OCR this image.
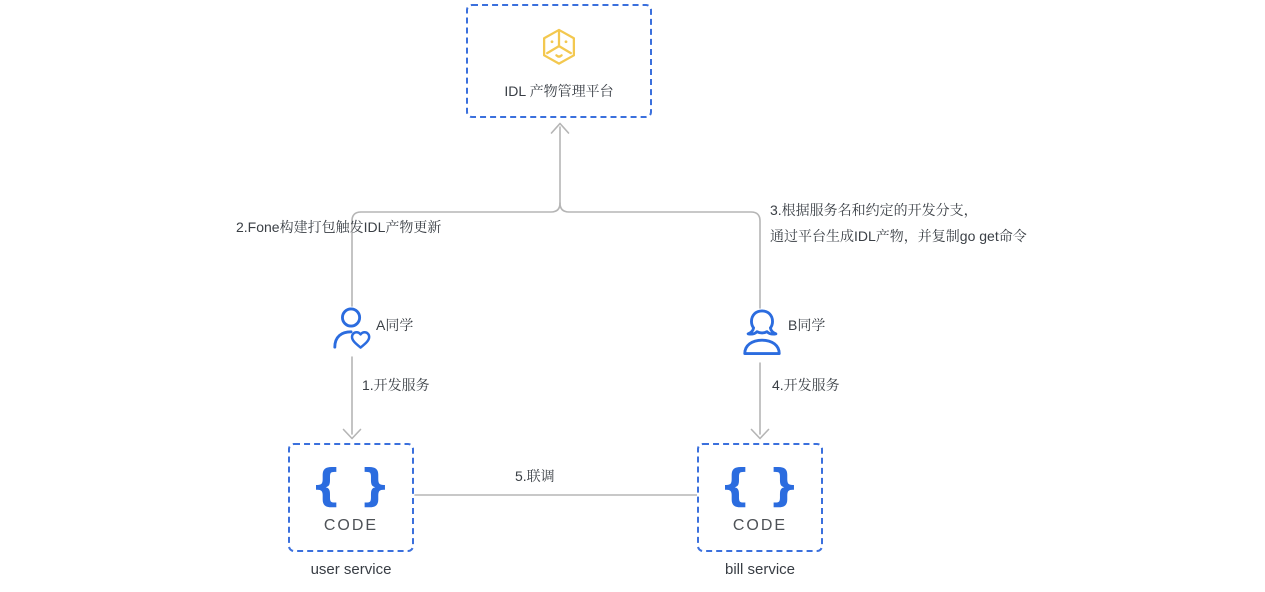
IDL 产物管理平台
A同学	B同学
{ }
CODE
user service
{ }
CODE
bill service
2.Fone构建打包触发IDL产物更新
3.根据服务名和约定的开发分支，
通过平台生成IDL产物，并复制go get命令
1.开发服务	4.开发服务
5.联调
